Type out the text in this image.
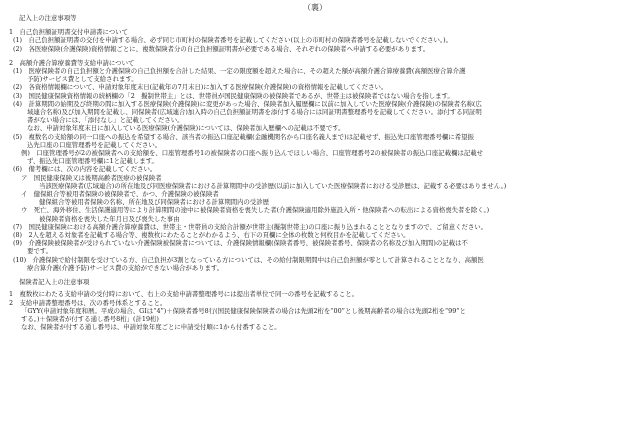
（裏）
記入上の注意事項等
1　自己負担額証明書交付申請書について
(1)　自己負担額証明書の交付を申請する場合、必ず同じ市町村の保険者番号を記載してください(以上の市町村の保険者番号を記載しないでください。)。
(2)　各医療保険(介護保険)資格情報ごとに、複数保険者分の自己負担額証明書が必要である場合、それぞれの保険者へ申請する必要があります。
2　高額介護合算療養費等支給申請について
(1)　医療保険者の自己負担額と介護保険の自己負担額を合計した結果、一定の限度額を超えた場合に、その超えた額が高額介護合算療養費(高額医療合算介護
予防)サービス費として支給されます。
(2)　各資格情報欄について、申請対象年度末日(記載年の7月末日)に加入する医療保険(介護保険)の資格情報を記載してください。
(3)　国民健康保険資格情報の続柄欄の「2　擬制世帯主」とは、世帯員が国民健康保険の被保険者であるが、世帯主は被保険者ではない場合を指します。
(4)　計算期間の始期及び終期の間に加入する医療保険(介護保険)に変更があった場合、保険者加入履歴欄に以前に加入していた医療保険(介護保険)の保険者名称(広
域連合名称)及び加入期間を記載し、同保険者(広域連合)加入時の自己負担額証明書を添付する場合には同証明書整理番号を記載してください。添付する同証明
書がない場合には、「添付なし」と記載してください。
なお、申請対象年度末日に加入している医療保険(介護保険)については、保険者加入歴欄への記載は不要です。
(5)　複数名の支給額の同一口座への振込を希望する場合、該当者の振込口座記載欄(金融機関名から口座名義人まで)は記載せず、振込先口座管理番号欄に希望振
込先口座の口座管理番号を記載してください。
例)　口座管理番号が2の被保険者への支給額を、口座管理番号1の被保険者の口座へ振り込んでほしい場合、口座管理番号2の被保険者の振込口座記載欄は記載せ
ず、振込先口座管理番号欄に1と記載します。
(6)　備考欄には、次の内容を記載してください。
ア　国民健康保険又は後期高齢者医療の被保険者
当該医療保険者(広域連合)の所在地及び同医療保険者における計算期間中の受診歴(以前に加入していた医療保険者における受診歴は、記載する必要はありません。)
イ　健保組合等被用者保険の被保険者で、かつ、介護保険の被保険者
健保組合等被用者保険の名称、所在地及び同保険者における計算期間内の受診歴
ウ　死亡、海外移住、生活保護適用等により計算期間の途中に被保険者資格を喪失した者(介護保険適用除外施設入所・他保険者への転出による資格喪失者を除く。)
被保険者資格を喪失した年月日及び喪失した事由
(7)　国民健康保険における高額介護合算療養費は、世帯主・世帯員の支給合計額が世帯主(擬制世帯主)の口座に振り込まれることとなりますので、ご留意ください。
(8)　2人を超える対象者を記載する場合等、複数枚にわたることがわかるよう、右下の頁欄に全体の枚数と何枚目かを記載してください。
(9)　介護保険被保険者が受けられていない介護保険被保険者については、介護保険情報欄(保険者番号、被保険者番号、保険者の名称及び加入期間)の記載は不
要です。
(10)　介護保険で給付制限を受けている方、自己負担が3割となっている方については、その給付制限期間中は自己負担額が零として計算されることとなり、高額医
療合算介護(介護予防)サービス費の支給ができない場合があります。
保険者記入上の注意事項
1　複数枚にわたる支給申請の受付時において、右上の支給申請書整理番号には提出者単位で同一の番号を記載すること。
2　支給申請書整理番号は、次の番号体系とすること。
「GYY(申請対象年度和暦。平成の場合、GIは“4”)＋保険者番号8行(国民健康保険保険者の場合は先頭2桁を“00”とし後期高齢者の場合は先頭2桁を“99”と
する。)＋保険者が付する通し番号8桁」(計19桁)
なお、保険者が付する通し番号は、申請対象年度ごとに申請受付順に1から付番すること。
